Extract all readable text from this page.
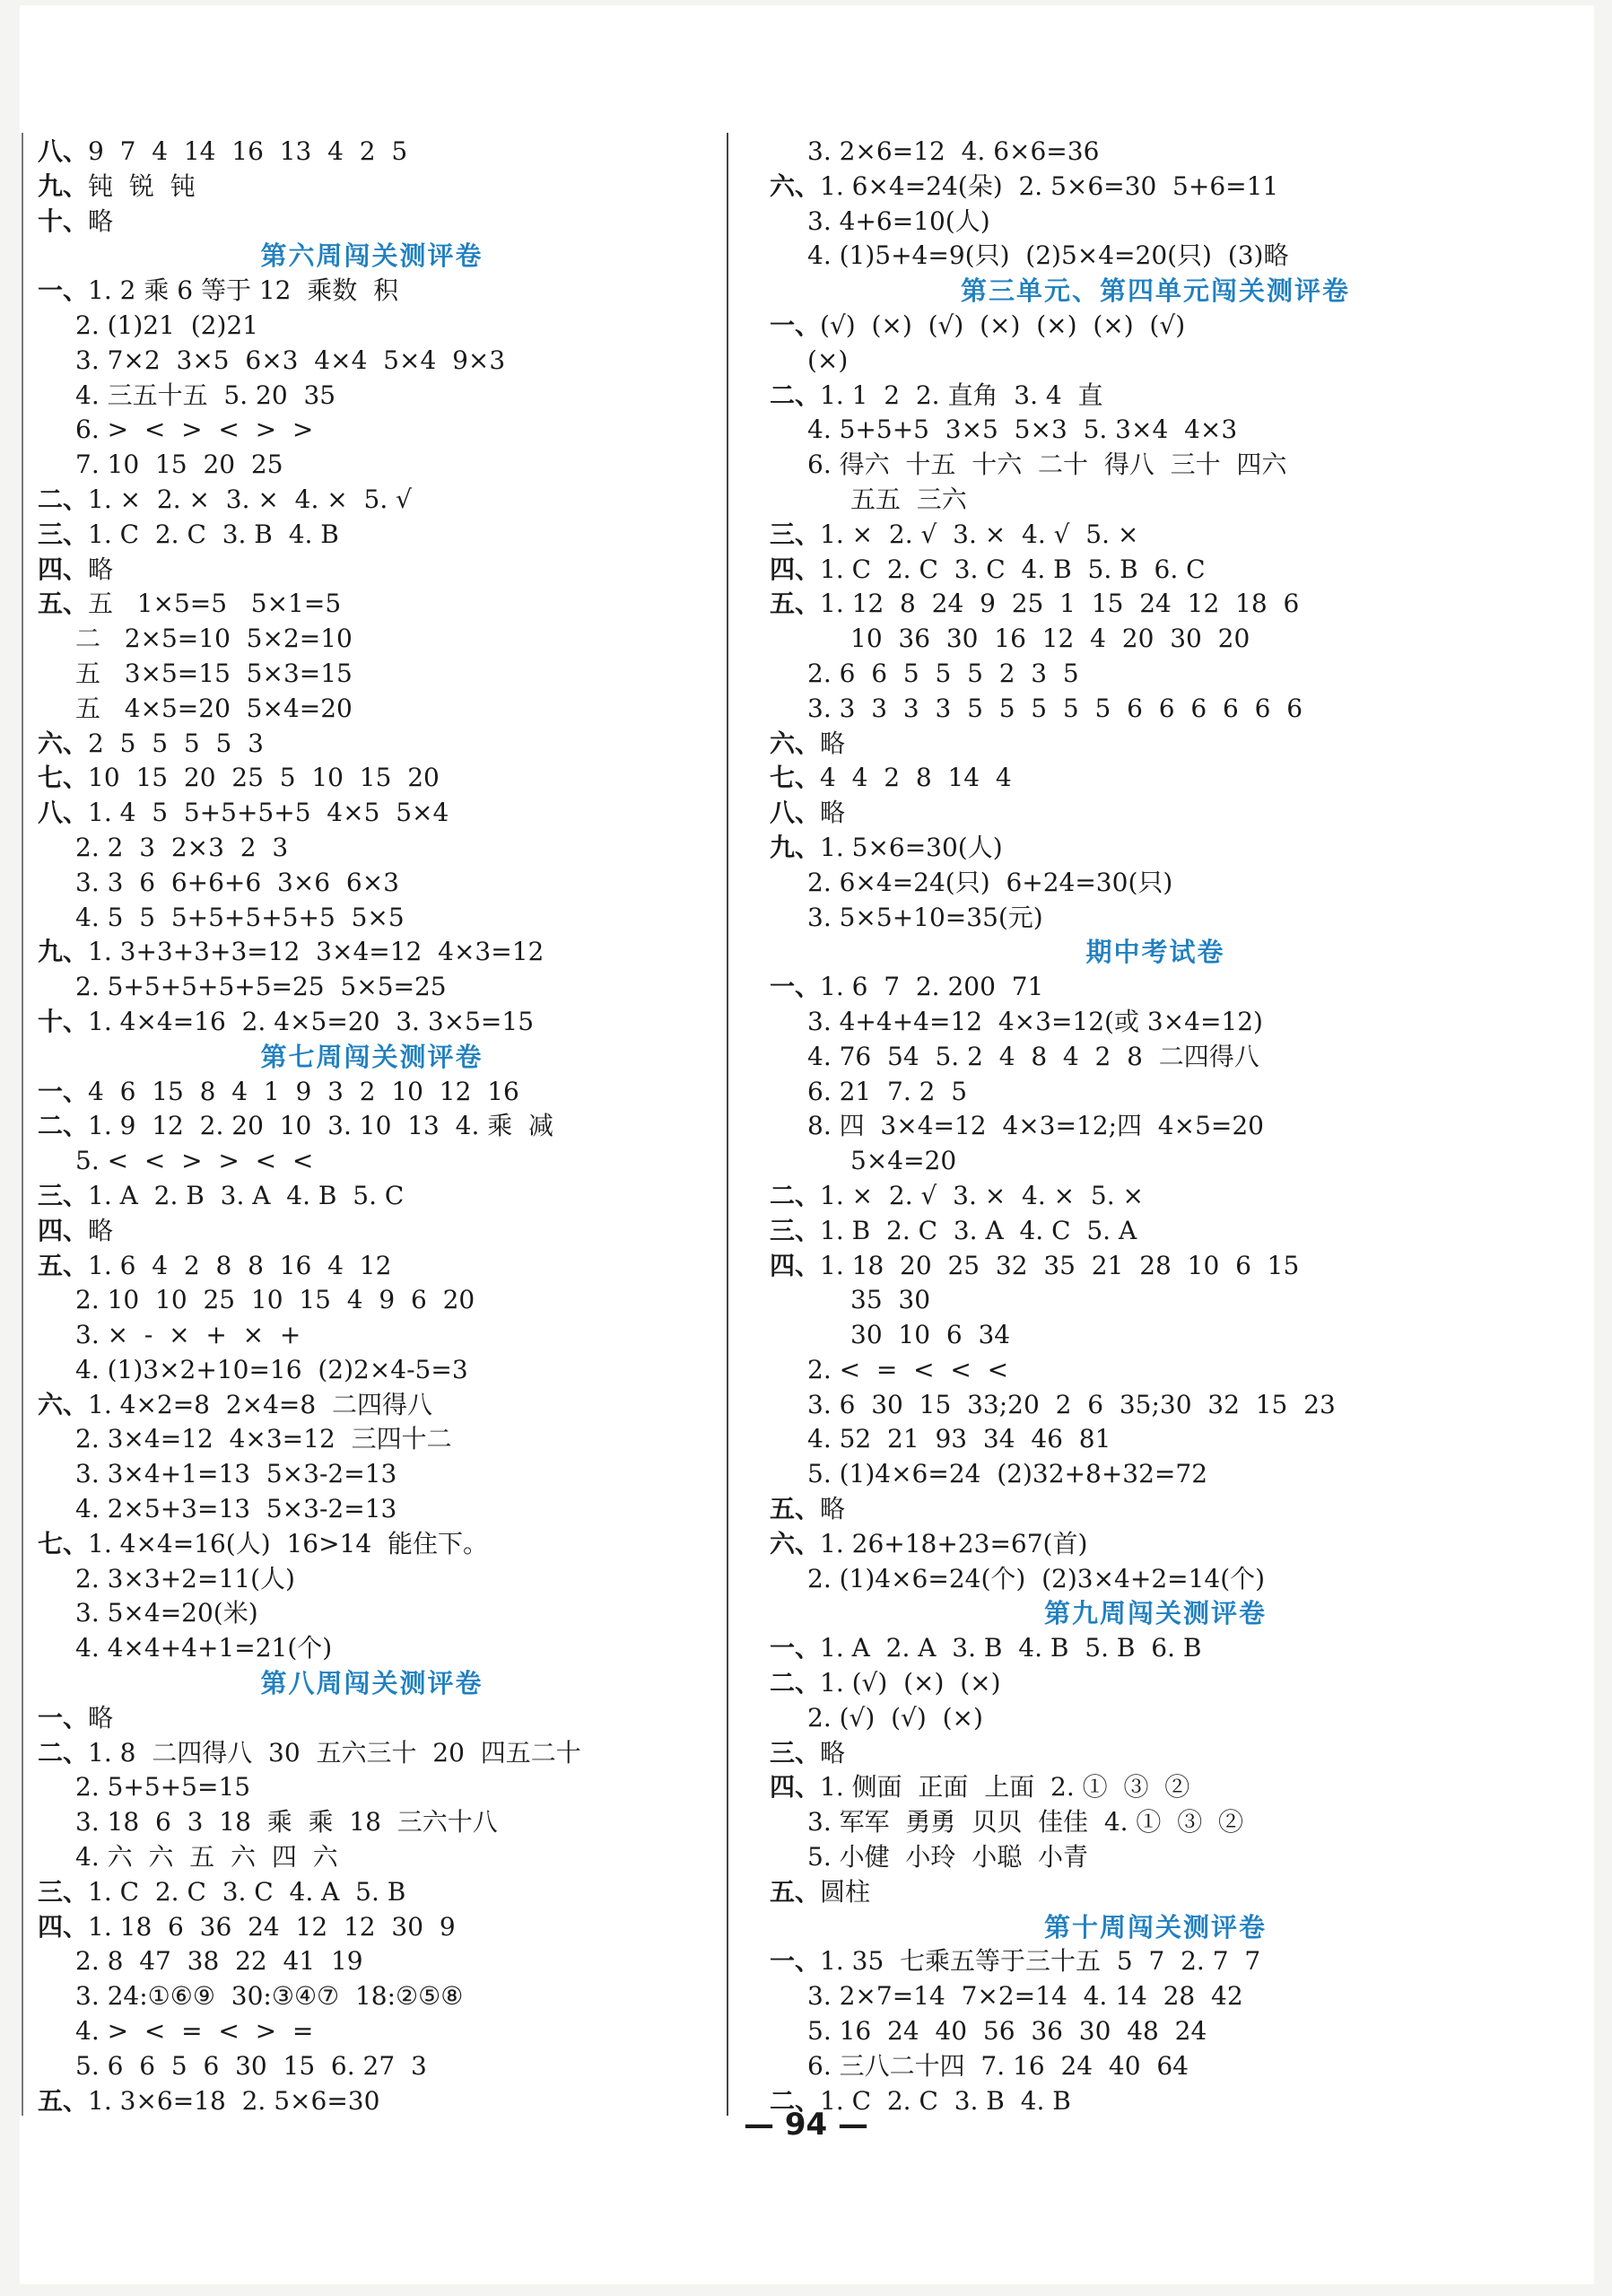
八、9  7  4  14  16  13  4  2  5
九、钝  锐  钝
十、略
第六周闯关测评卷
一、1. 2 乘 6 等于 12  乘数  积
2. (1)21  (2)21
3. 7×2  3×5  6×3  4×4  5×4  9×3
4. 三五十五  5. 20  35
6. >  <  >  <  >  >
7. 10  15  20  25
二、1. ×  2. ×  3. ×  4. ×  5. √
三、1. C  2. C  3. B  4. B
四、略
五、五   1×5=5   5×1=5
二   2×5=10  5×2=10
五   3×5=15  5×3=15
五   4×5=20  5×4=20
六、2  5  5  5  5  3
七、10  15  20  25  5  10  15  20
八、1. 4  5  5+5+5+5  4×5  5×4
2. 2  3  2×3  2  3
3. 3  6  6+6+6  3×6  6×3
4. 5  5  5+5+5+5+5  5×5
九、1. 3+3+3+3=12  3×4=12  4×3=12
2. 5+5+5+5+5=25  5×5=25
十、1. 4×4=16  2. 4×5=20  3. 3×5=15
第七周闯关测评卷
一、4  6  15  8  4  1  9  3  2  10  12  16
二、1. 9  12  2. 20  10  3. 10  13  4. 乘  减
5. <  <  >  >  <  <
三、1. A  2. B  3. A  4. B  5. C
四、略
五、1. 6  4  2  8  8  16  4  12
2. 10  10  25  10  15  4  9  6  20
3. ×  -  ×  +  ×  +
4. (1)3×2+10=16  (2)2×4-5=3
六、1. 4×2=8  2×4=8  二四得八
2. 3×4=12  4×3=12  三四十二
3. 3×4+1=13  5×3-2=13
4. 2×5+3=13  5×3-2=13
七、1. 4×4=16(人)  16>14  能住下。
2. 3×3+2=11(人)
3. 5×4=20(米)
4. 4×4+4+1=21(个)
第八周闯关测评卷
一、略
二、1. 8  二四得八  30  五六三十  20  四五二十
2. 5+5+5=15
3. 18  6  3  18  乘  乘  18  三六十八
4. 六  六  五  六  四  六
三、1. C  2. C  3. C  4. A  5. B
四、1. 18  6  36  24  12  12  30  9
2. 8  47  38  22  41  19
3. 24:①⑥⑨  30:③④⑦  18:②⑤⑧
4. >  <  =  <  >  =
5. 6  6  5  6  30  15  6. 27  3
五、1. 3×6=18  2. 5×6=30
3. 2×6=12  4. 6×6=36
六、1. 6×4=24(朵)  2. 5×6=30  5+6=11
3. 4+6=10(人)
4. (1)5+4=9(只)  (2)5×4=20(只)  (3)略
第三单元、第四单元闯关测评卷
一、(√)  (×)  (√)  (×)  (×)  (×)  (√)
(×)
二、1. 1  2  2. 直角  3. 4  直
4. 5+5+5  3×5  5×3  5. 3×4  4×3
6. 得六  十五  十六  二十  得八  三十  四六
五五  三六
三、1. ×  2. √  3. ×  4. √  5. ×
四、1. C  2. C  3. C  4. B  5. B  6. C
五、1. 12  8  24  9  25  1  15  24  12  18  6
10  36  30  16  12  4  20  30  20
2. 6  6  5  5  5  2  3  5
3. 3  3  3  3  5  5  5  5  5  6  6  6  6  6  6
六、略
七、4  4  2  8  14  4
八、略
九、1. 5×6=30(人)
2. 6×4=24(只)  6+24=30(只)
3. 5×5+10=35(元)
期中考试卷
一、1. 6  7  2. 200  71
3. 4+4+4=12  4×3=12(或 3×4=12)
4. 76  54  5. 2  4  8  4  2  8  二四得八
6. 21  7. 2  5
8. 四  3×4=12  4×3=12;四  4×5=20
5×4=20
二、1. ×  2. √  3. ×  4. ×  5. ×
三、1. B  2. C  3. A  4. C  5. A
四、1. 18  20  25  32  35  21  28  10  6  15
35  30
30  10  6  34
2. <  =  <  <  <
3. 6  30  15  33;20  2  6  35;30  32  15  23
4. 52  21  93  34  46  81
5. (1)4×6=24  (2)32+8+32=72
五、略
六、1. 26+18+23=67(首)
2. (1)4×6=24(个)  (2)3×4+2=14(个)
第九周闯关测评卷
一、1. A  2. A  3. B  4. B  5. B  6. B
二、1. (√)  (×)  (×)
2. (√)  (√)  (×)
三、略
四、1. 侧面  正面  上面  2. ①  ③  ②
3. 军军  勇勇  贝贝  佳佳  4. ①  ③  ②
5. 小健  小玲  小聪  小青
五、圆柱
第十周闯关测评卷
一、1. 35  七乘五等于三十五  5  7  2. 7  7
3. 2×7=14  7×2=14  4. 14  28  42
5. 16  24  40  56  36  30  48  24
6. 三八二十四  7. 16  24  40  64
二、1. C  2. C  3. B  4. B
— 94 —
